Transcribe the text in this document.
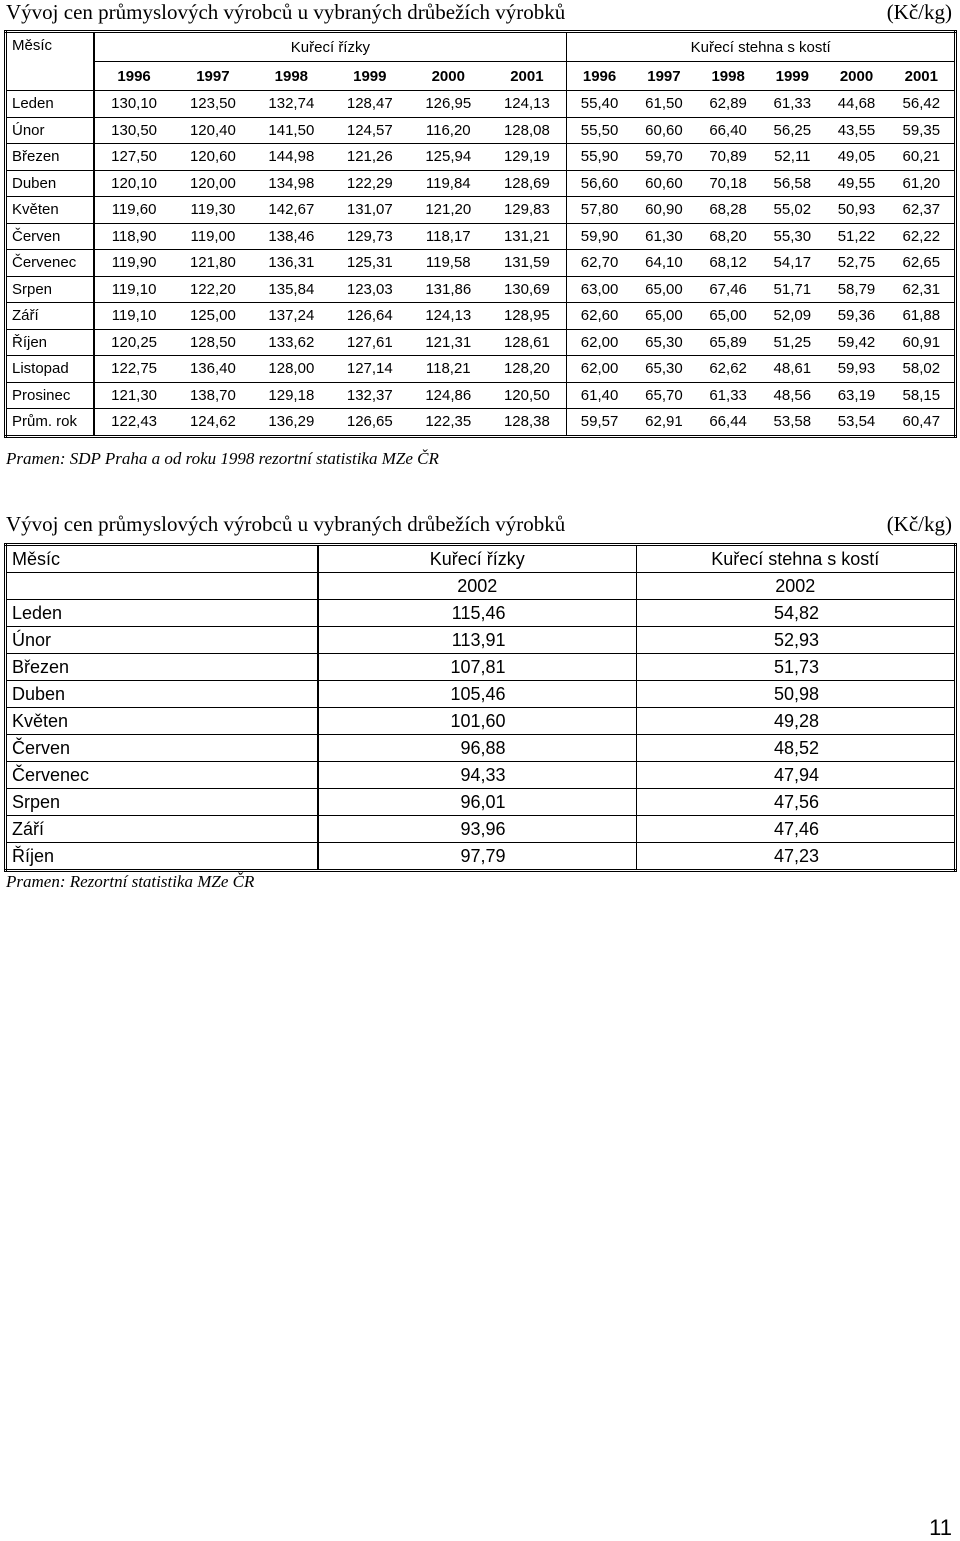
Vývoj cen průmyslových výrobců u vybraných drůbežích výrobků	(Kč/kg)
Měsíc	Kuřecí řízky						Kuřecí stehna s kostí					
	1996	1997	1998	1999	2000	2001	1996	1997	1998	1999	2000	2001
Leden	130,10	123,50	132,74	128,47	126,95	124,13	55,40	61,50	62,89	61,33	44,68	56,42
Únor	130,50	120,40	141,50	124,57	116,20	128,08	55,50	60,60	66,40	56,25	43,55	59,35
Březen	127,50	120,60	144,98	121,26	125,94	129,19	55,90	59,70	70,89	52,11	49,05	60,21
Duben	120,10	120,00	134,98	122,29	119,84	128,69	56,60	60,60	70,18	56,58	49,55	61,20
Květen	119,60	119,30	142,67	131,07	121,20	129,83	57,80	60,90	68,28	55,02	50,93	62,37
Červen	118,90	119,00	138,46	129,73	118,17	131,21	59,90	61,30	68,20	55,30	51,22	62,22
Červenec	119,90	121,80	136,31	125,31	119,58	131,59	62,70	64,10	68,12	54,17	52,75	62,65
Srpen	119,10	122,20	135,84	123,03	131,86	130,69	63,00	65,00	67,46	51,71	58,79	62,31
Září	119,10	125,00	137,24	126,64	124,13	128,95	62,60	65,00	65,00	52,09	59,36	61,88
Říjen	120,25	128,50	133,62	127,61	121,31	128,61	62,00	65,30	65,89	51,25	59,42	60,91
Listopad	122,75	136,40	128,00	127,14	118,21	128,20	62,00	65,30	62,62	48,61	59,93	58,02
Prosinec	121,30	138,70	129,18	132,37	124,86	120,50	61,40	65,70	61,33	48,56	63,19	58,15
Prům. rok	122,43	124,62	136,29	126,65	122,35	128,38	59,57	62,91	66,44	53,58	53,54	60,47
Pramen: SDP Praha a od roku 1998 rezortní statistika MZe ČR
Vývoj cen průmyslových výrobců u vybraných drůbežích výrobků	(Kč/kg)
Měsíc	Kuřecí řízky	Kuřecí stehna s kostí
	2002	2002
Leden	115,46	54,82
Únor	113,91	52,93
Březen	107,81	51,73
Duben	105,46	50,98
Květen	101,60	49,28
Červen	96,88	48,52
Červenec	94,33	47,94
Srpen	96,01	47,56
Září	93,96	47,46
Říjen	97,79	47,23
Pramen: Rezortní statistika MZe ČR
11
